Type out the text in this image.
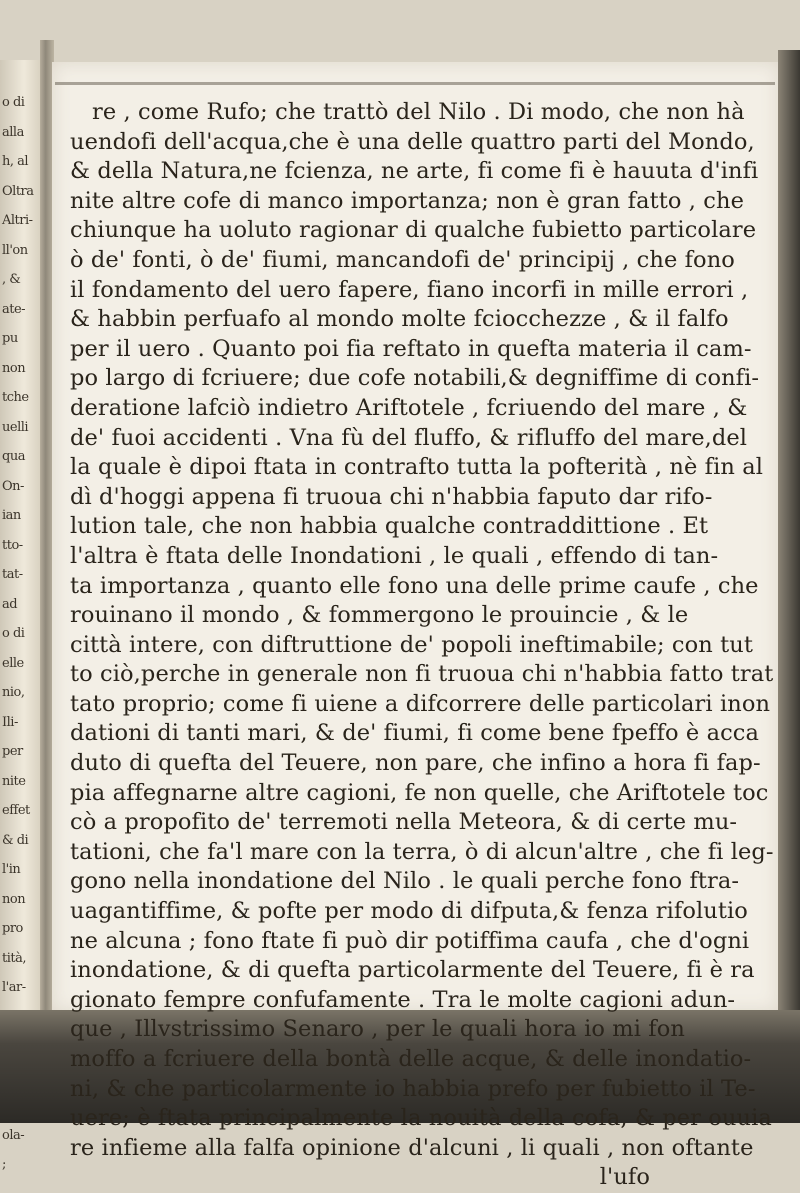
o di
alla
h, al
Oltra
Altri-
ll'on
, &
ate-
pu
non
tche
uelli
qua
On-
ian
tto-
tat-
ad
o di
elle
nio,
Ili-
per
nite
effet
& di
l'in
non
pro
tità,
l'ar-
ola-
;
re , come Rufo; che trattò del Nilo . Di modo, che non hà
uendofi dell'acqua,che è una delle quattro parti del Mondo,
& della Natura,ne fcienza, ne arte, fi come fi è hauuta d'infi
nite altre cofe di manco importanza; non è gran fatto , che
chiunque ha uoluto ragionar di qualche fubietto particolare
ò de' fonti, ò de' fiumi, mancandofi de' principij , che fono
il fondamento del uero fapere, fiano incorfi in mille errori ,
& habbin perfuafo al mondo molte fciocchezze , & il falfo
per il uero . Quanto poi fia reftato in quefta materia il cam-
po largo di fcriuere; due cofe notabili,& degniffime di confi-
deratione lafciò indietro Ariftotele , fcriuendo del mare , &
de' fuoi accidenti . Vna fù del fluffo, & rifluffo del mare,del
la quale è dipoi ftata in contrafto tutta la pofterità , nè fin al
dì d'hoggi appena fi truoua chi n'habbia faputo dar rifo-
lution tale, che non habbia qualche contraddittione . Et
l'altra è ftata delle Inondationi , le quali , effendo di tan-
ta importanza , quanto elle fono una delle prime caufe , che
rouinano il mondo , & fommergono le prouincie , & le
città intere, con diftruttione de' popoli ineftimabile; con tut
to ciò,perche in generale non fi truoua chi n'habbia fatto trat
tato proprio; come fi uiene a difcorrere delle particolari inon
dationi di tanti mari, & de' fiumi, fi come bene fpeffo è acca
duto di quefta del Teuere, non pare, che infino a hora fi fap-
pia affegnarne altre cagioni, fe non quelle, che Ariftotele toc
cò a propofito de' terremoti nella Meteora, & di certe mu-
tationi, che fa'l mare con la terra, ò di alcun'altre , che fi leg-
gono nella inondatione del Nilo . le quali perche fono ftra-
uagantiffime, & pofte per modo di difputa,& fenza rifolutio
ne alcuna ; fono ftate fi può dir potiffima caufa , che d'ogni
inondatione, & di quefta particolarmente del Teuere, fi è ra
gionato fempre confufamente . Tra le molte cagioni adun-
que , Illvstrissimo Senaro , per le quali hora io mi fon
moffo a fcriuere della bontà delle acque, & delle inondatio-
ni, & che particolarmente io habbia prefo per fubietto il Te-
uere; è ftata principalmente la nouità della cofa, & per ouuia
re infieme alla falfa opinione d'alcuni , li quali , non oftante
l'ufo
